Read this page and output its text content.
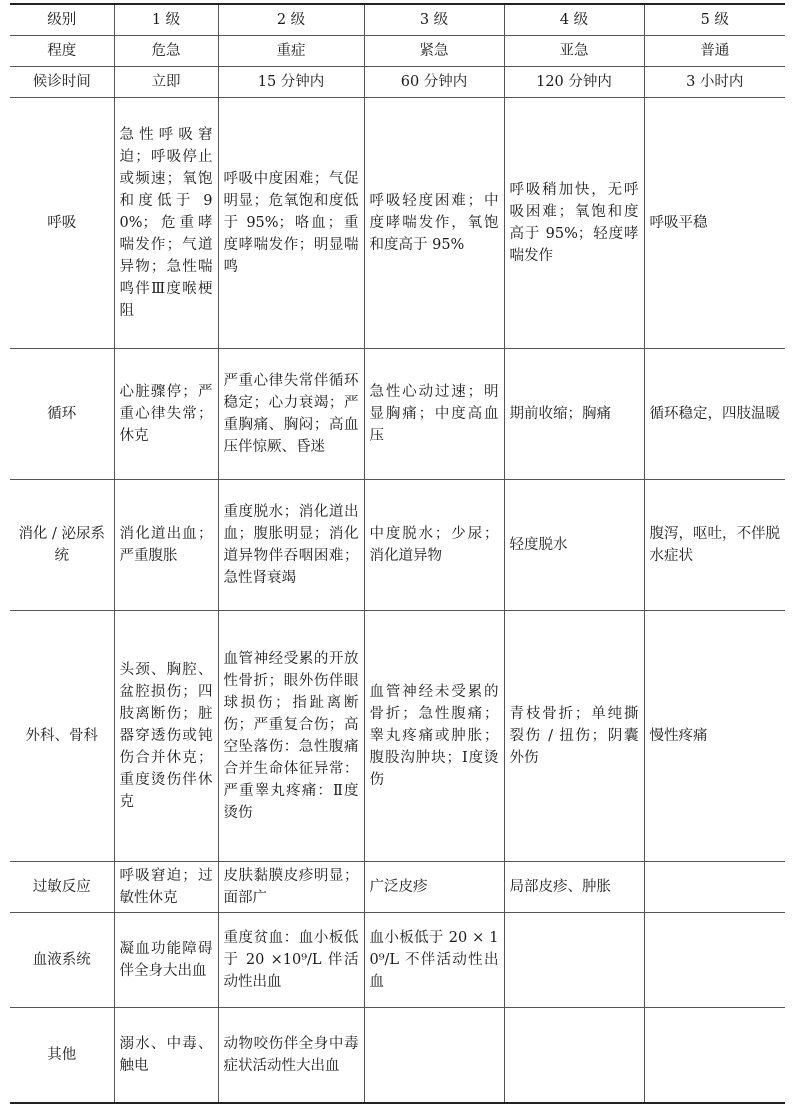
级别	1 级	2 级	3 级	4 级	5 级
程度	危急	重症	紧急	亚急	普通
候诊时间	立即	15 分钟内	60 分钟内	120 分钟内	3 小时内
呼吸	急性呼吸窘迫；呼吸停止或频速；氧饱和度低于 90%；危重哮喘发作；气道异物；急性喘鸣伴Ⅲ度喉梗阻	呼吸中度困难；气促明显；危氧饱和度低于 95%；咯血；重度哮喘发作；明显喘鸣	呼吸轻度困难；中度哮喘发作，氧饱和度高于 95%	呼吸稍加快，无呼吸困难；氧饱和度高于 95%；轻度哮喘发作	呼吸平稳
循环	心脏骤停；严重心律失常；休克	严重心律失常伴循环稳定；心力衰竭；严重胸痛、胸闷；高血压伴惊厥、昏迷	急性心动过速；明显胸痛；中度高血压	期前收缩；胸痛	循环稳定，四肢温暖
消化 / 泌尿系统	消化道出血；严重腹胀	重度脱水；消化道出血；腹胀明显；消化道异物伴吞咽困难；急性肾衰竭	中度脱水；少尿；消化道异物	轻度脱水	腹泻，呕吐，不伴脱水症状
外科、骨科	头颈、胸腔、盆腔损伤；四肢离断伤；脏器穿透伤或钝伤合并休克；重度烫伤伴休克	血管神经受累的开放性骨折；眼外伤伴眼球损伤；指趾离断伤；严重复合伤；高空坠落伤：急性腹痛合并生命体征异常：严重睾丸疼痛：Ⅱ度烫伤	血管神经未受累的骨折；急性腹痛；睾丸疼痛或肿胀；腹股沟肿块；Ⅰ度烫伤	青枝骨折；单纯撕裂伤 / 扭伤；阴囊外伤	慢性疼痛
过敏反应	呼吸窘迫；过敏性休克	皮肤黏膜皮疹明显；面部广	广泛皮疹	局部皮疹、肿胀	
血液系统	凝血功能障碍伴全身大出血	重度贫血：血小板低于 20 ×10⁹/L 伴活动性出血	血小板低于 20 × 10⁹/L 不伴活动性出血		
其他	溺水、中毒、触电	动物咬伤伴全身中毒症状活动性大出血			
